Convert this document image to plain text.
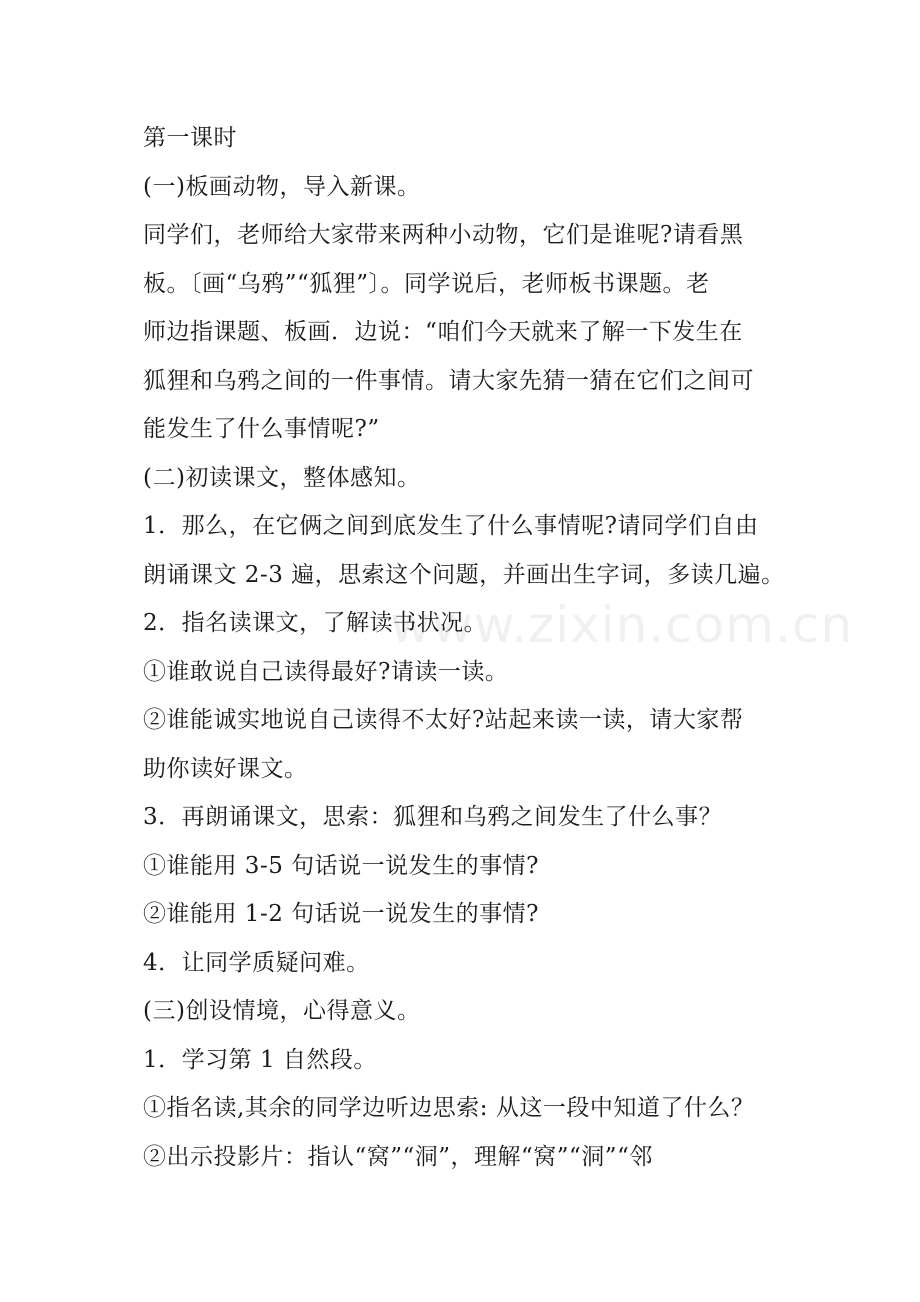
www.zixin.com.cn
第一课时
(一)板画动物，导入新课。
同学们，老师给大家带来两种小动物，它们是谁呢?请看黑
板。〔画“乌鸦”“狐狸”〕。同学说后，老师板书课题。老
师边指课题、板画．边说：“咱们今天就来了解一下发生在
狐狸和乌鸦之间的一件事情。请大家先猜一猜在它们之间可
能发生了什么事情呢?”
(二)初读课文，整体感知。
1．那么，在它俩之间到底发生了什么事情呢?请同学们自由
朗诵课文 2-3 遍，思索这个问题，并画出生字词，多读几遍。
2．指名读课文，了解读书状况。
①谁敢说自己读得最好?请读一读。
②谁能诚实地说自己读得不太好?站起来读一读，请大家帮
助你读好课文。
3．再朗诵课文，思索：狐狸和乌鸦之间发生了什么事？
①谁能用 3-5 句话说一说发生的事情?
②谁能用 1-2 句话说一说发生的事情?
4．让同学质疑问难。
(三)创设情境，心得意义。
1．学习第 1 自然段。
①指名读,其余的同学边听边思索: 从这一段中知道了什么？
②出示投影片：指认“窝”“洞”，理解“窝”“洞”“邻
